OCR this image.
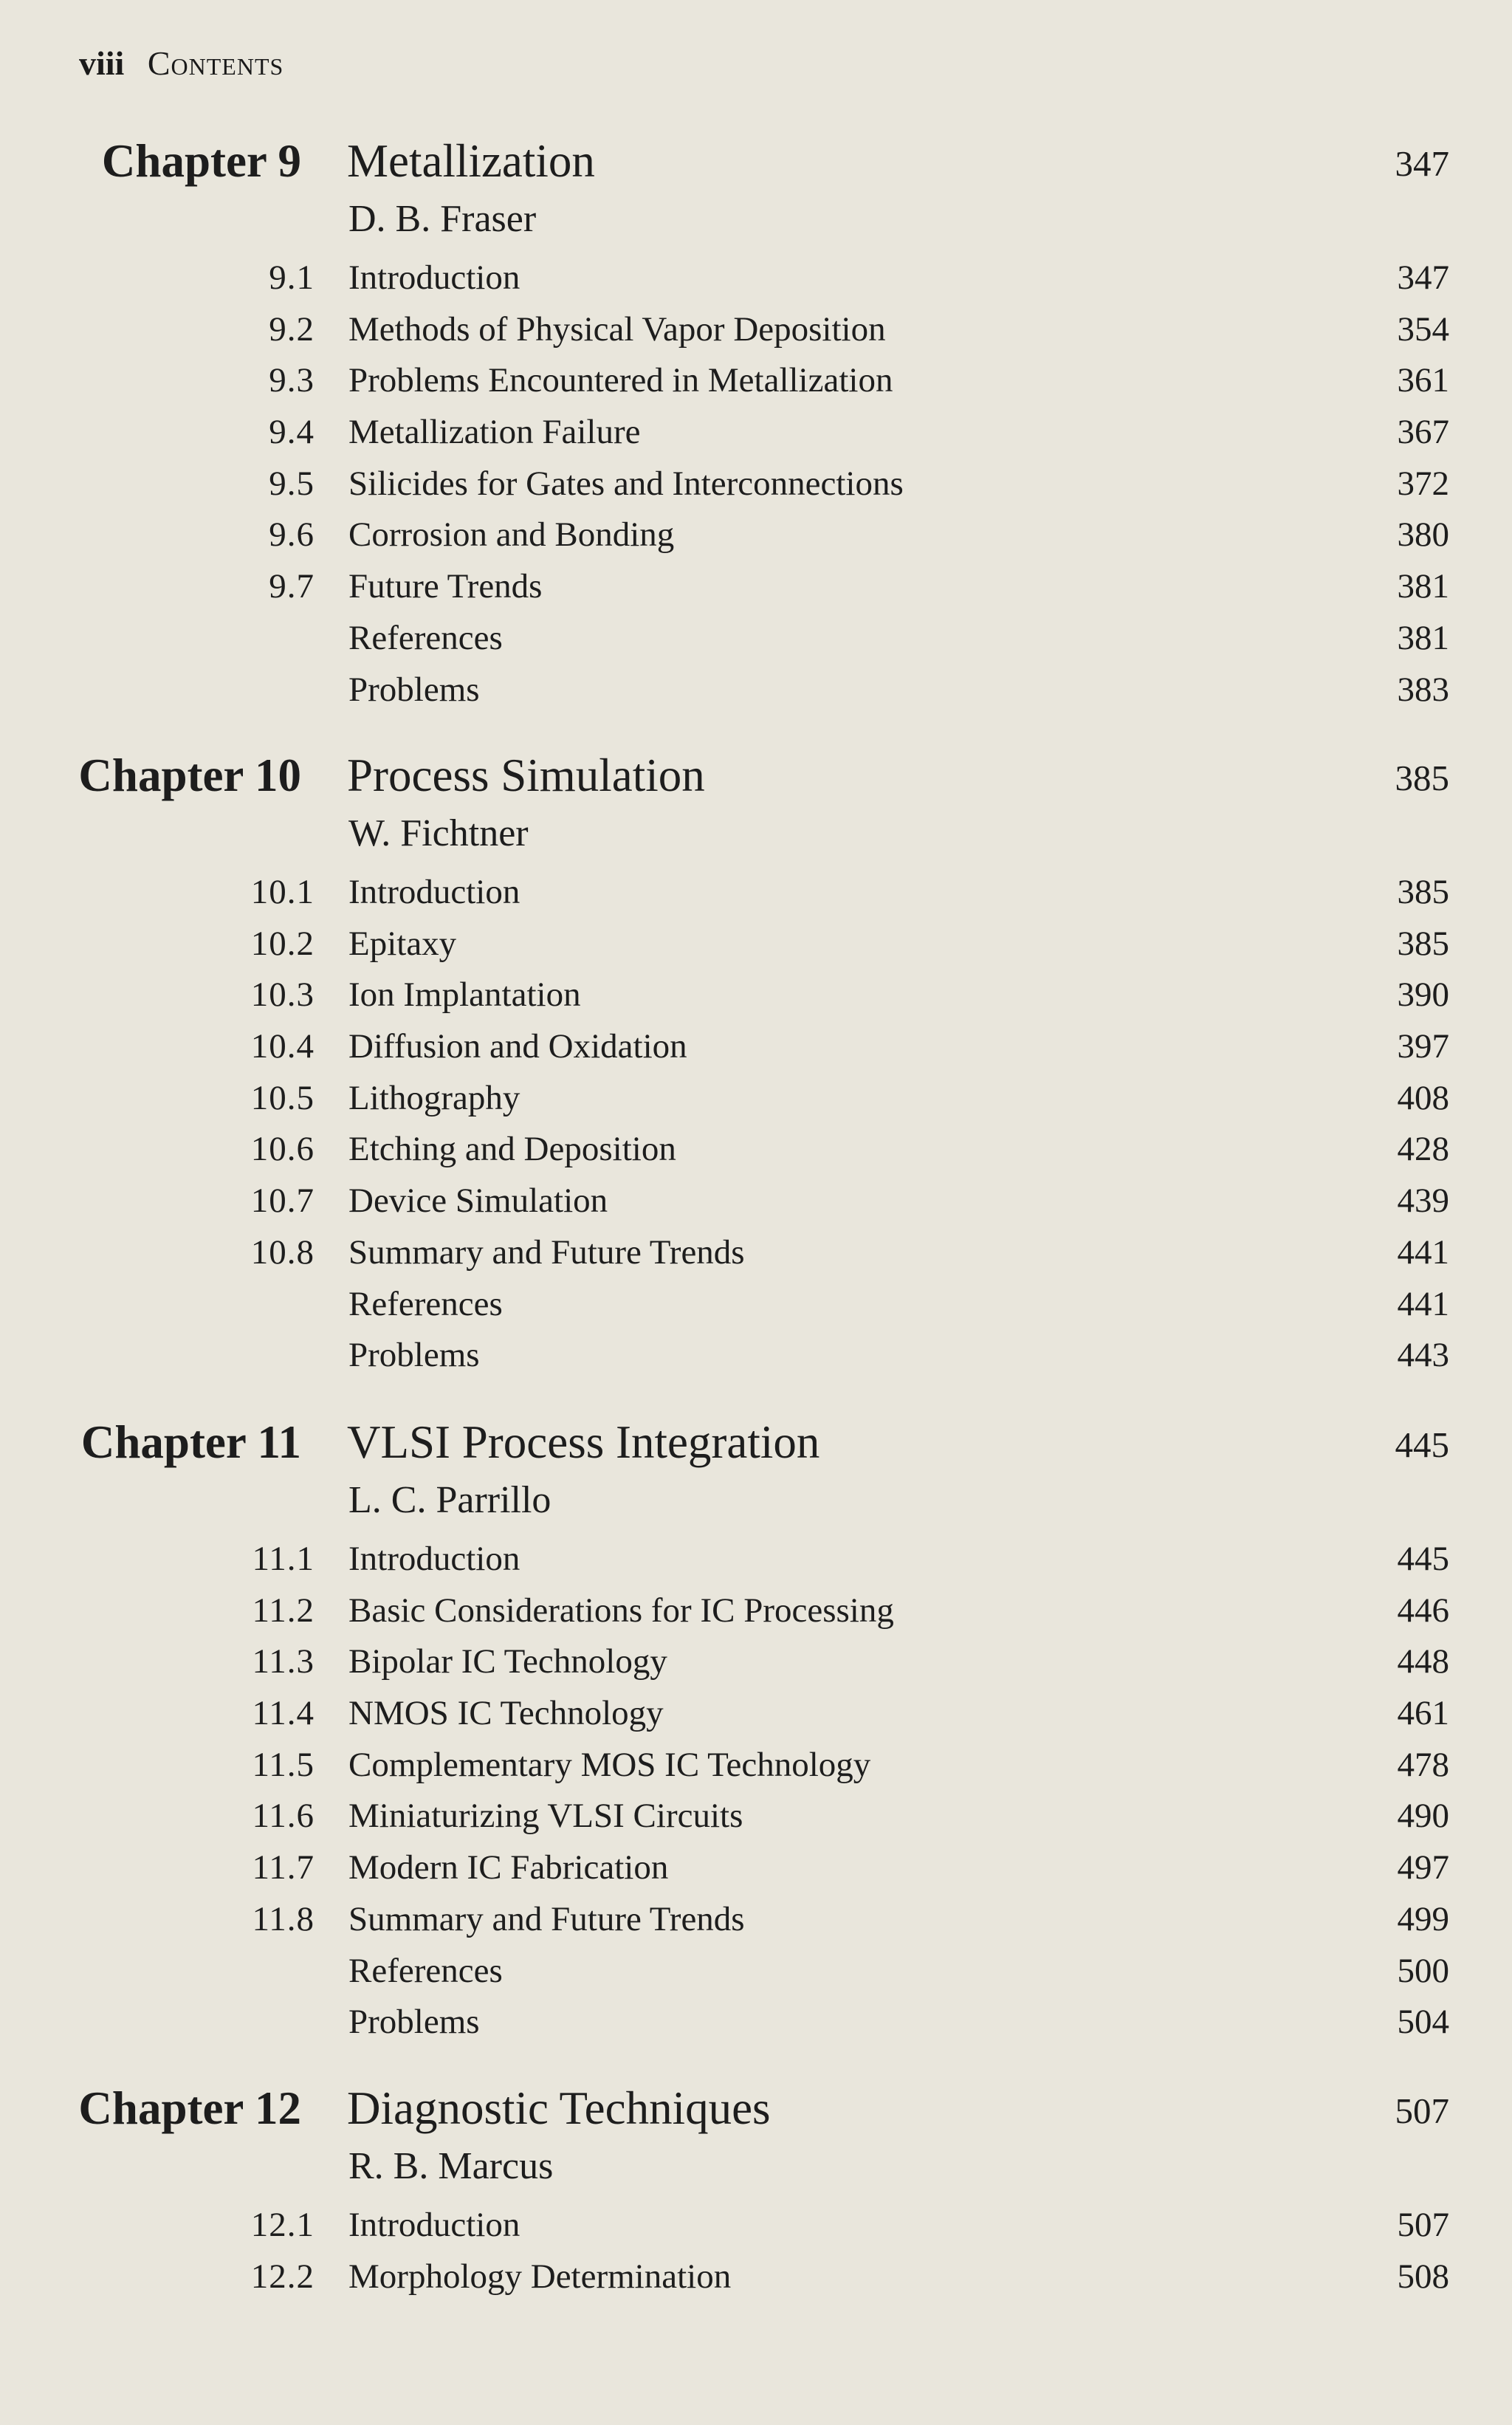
viii Contents
Chapter 9 Metallization	347
D. B. Fraser
9.1 Introduction	347
9.2 Methods of Physical Vapor Deposition	354
9.3 Problems Encountered in Metallization	361
9.4 Metallization Failure	367
9.5 Silicides for Gates and Interconnections	372
9.6 Corrosion and Bonding	380
9.7 Future Trends	381
References	381
Problems	383
Chapter 10 Process Simulation	385
W. Fichtner
10.1 Introduction	385
10.2 Epitaxy	385
10.3 Ion Implantation	390
10.4 Diffusion and Oxidation	397
10.5 Lithography	408
10.6 Etching and Deposition	428
10.7 Device Simulation	439
10.8 Summary and Future Trends	441
References	441
Problems	443
Chapter 11 VLSI Process Integration	445
L. C. Parrillo
11.1 Introduction	445
11.2 Basic Considerations for IC Processing	446
11.3 Bipolar IC Technology	448
11.4 NMOS IC Technology	461
11.5 Complementary MOS IC Technology	478
11.6 Miniaturizing VLSI Circuits	490
11.7 Modern IC Fabrication	497
11.8 Summary and Future Trends	499
References	500
Problems	504
Chapter 12 Diagnostic Techniques	507
R. B. Marcus
12.1 Introduction	507
12.2 Morphology Determination	508
